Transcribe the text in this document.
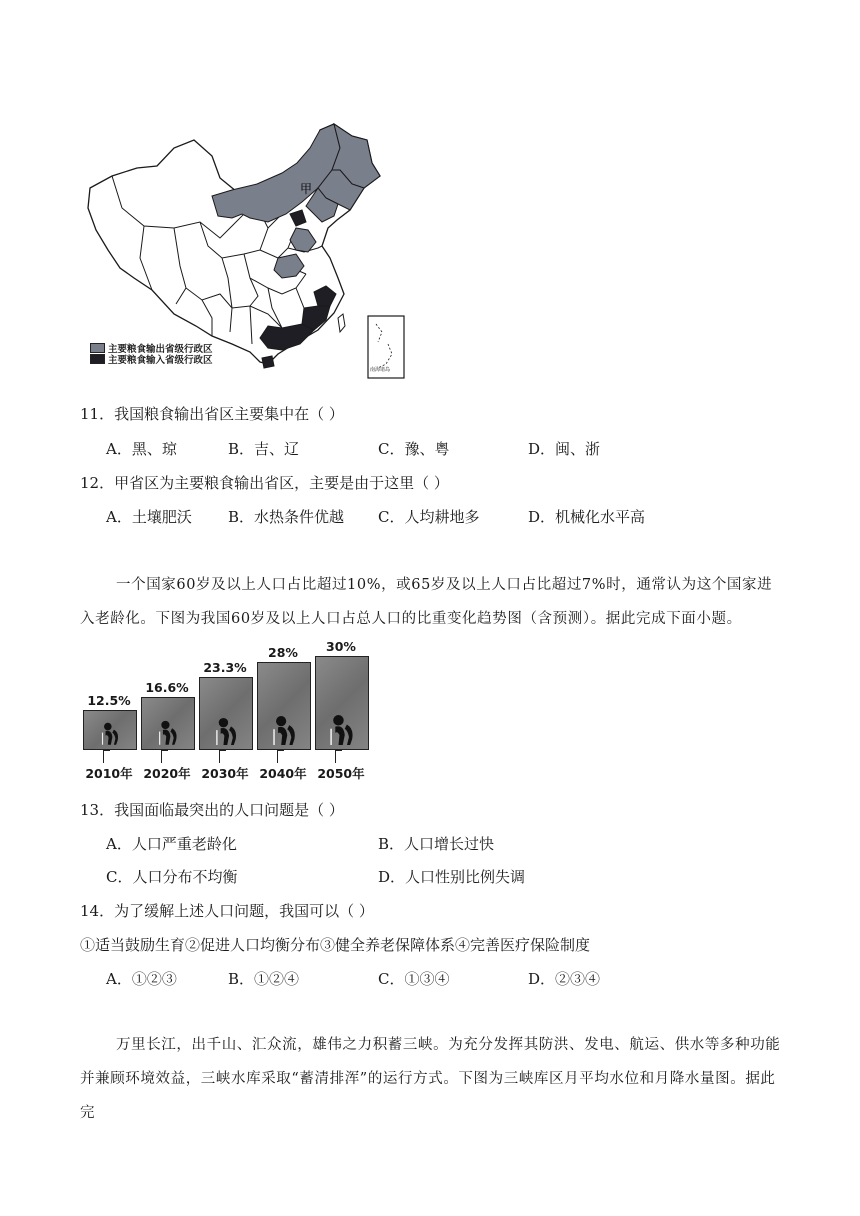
甲
南海诸岛
主要粮食输出省级行政区
主要粮食输入省级行政区
11．我国粮食输出省区主要集中在（ ）
A．黑、琼	B．吉、辽	C．豫、粤	D．闽、浙
12．甲省区为主要粮食输出省区，主要是由于这里（ ）
A．土壤肥沃 B．水热条件优越 C．人均耕地多	D．机械化水平高
一个国家60岁及以上人口占比超过10%，或65岁及以上人口占比超过7%时，通常认为这个国家进入老龄化。下图为我国60岁及以上人口占总人口的比重变化趋势图（含预测）。据此完成下面小题。
12.5%
2010年
16.6%
2020年
23.3%
2030年
28%
2040年
30%
2050年
13．我国面临最突出的人口问题是（ ）
A．人口严重老龄化	B．人口增长过快
C．人口分布不均衡	D．人口性别比例失调
14．为了缓解上述人口问题，我国可以（ ）
①适当鼓励生育②促进人口均衡分布③健全养老保障体系④完善医疗保险制度
A．①②③	B．①②④	C．①③④	D．②③④
万里长江，出千山、汇众流，雄伟之力积蓄三峡。为充分发挥其防洪、发电、航运、供水等多种功能并兼顾环境效益，三峡水库采取“蓄清排浑”的运行方式。下图为三峡库区月平均水位和月降水量图。据此完
